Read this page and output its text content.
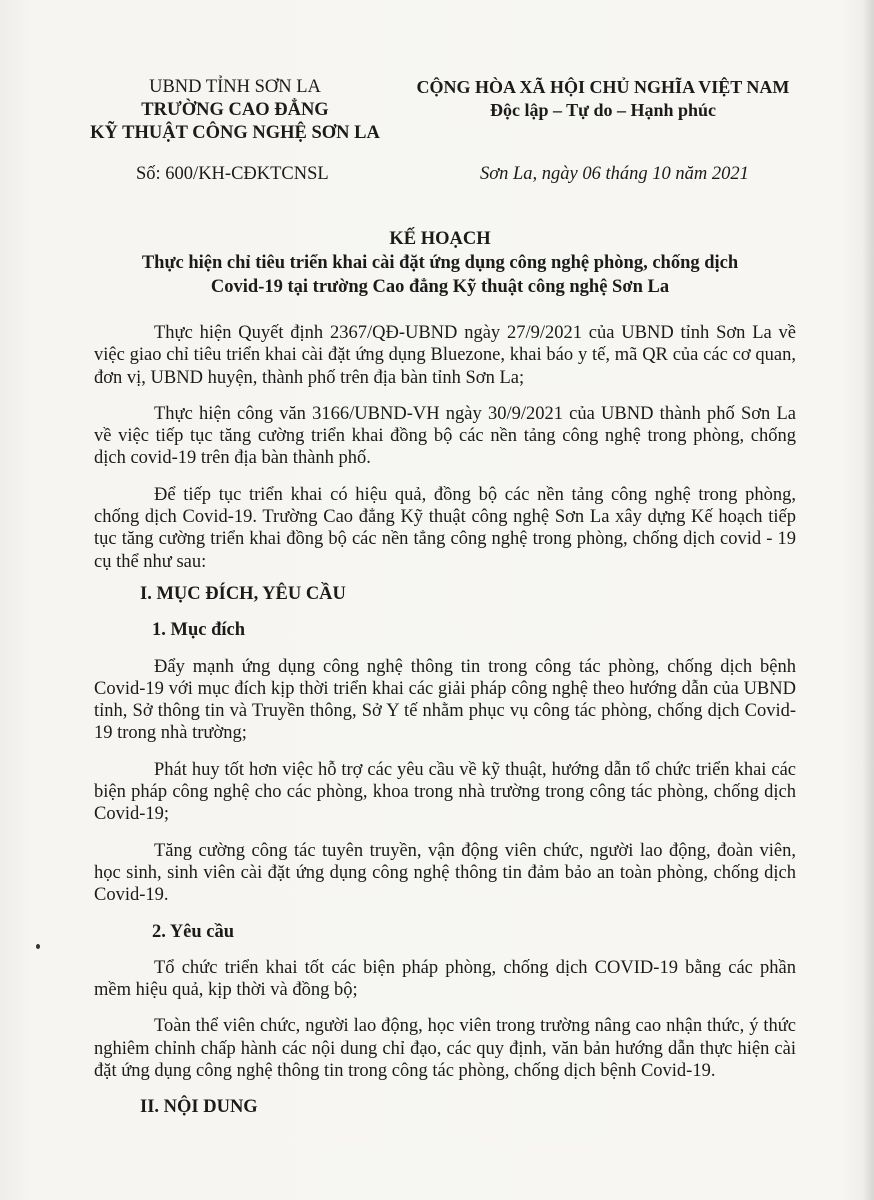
UBND TỈNH SƠN LA
TRƯỜNG CAO ĐẲNG
KỸ THUẬT CÔNG NGHỆ SƠN LA
CỘNG HÒA XÃ HỘI CHỦ NGHĨA VIỆT NAM
Độc lập – Tự do – Hạnh phúc
Số: 600/KH-CĐKTCNSL	Sơn La, ngày 06 tháng 10 năm 2021
KẾ HOẠCH
Thực hiện chỉ tiêu triển khai cài đặt ứng dụng công nghệ phòng, chống dịch
Covid-19 tại trường Cao đẳng Kỹ thuật công nghệ Sơn La

Thực hiện Quyết định 2367/QĐ-UBND ngày 27/9/2021 của UBND tỉnh Sơn La về việc giao chỉ tiêu triển khai cài đặt ứng dụng Bluezone, khai báo y tế, mã QR của các cơ quan, đơn vị, UBND huyện, thành phố trên địa bàn tỉnh Sơn La;

Thực hiện công văn 3166/UBND-VH ngày 30/9/2021 của UBND thành phố Sơn La về việc tiếp tục tăng cường triển khai đồng bộ các nền tảng công nghệ trong phòng, chống dịch covid-19 trên địa bàn thành phố.

Để tiếp tục triển khai có hiệu quả, đồng bộ các nền tảng công nghệ trong phòng, chống dịch Covid-19. Trường Cao đẳng Kỹ thuật công nghệ Sơn La xây dựng Kế hoạch tiếp tục tăng cường triển khai đồng bộ các nền tẳng công nghệ trong phòng, chống dịch covid - 19 cụ thể như sau:

I. MỤC ĐÍCH, YÊU CẦU
1. Mục đích

Đẩy mạnh ứng dụng công nghệ thông tin trong công tác phòng, chống dịch bệnh Covid-19 với mục đích kịp thời triển khai các giải pháp công nghệ theo hướng dẫn của UBND tỉnh, Sở thông tin và Truyền thông, Sở Y tế nhằm phục vụ công tác phòng, chống dịch Covid-19 trong nhà trường;

Phát huy tốt hơn việc hỗ trợ các yêu cầu về kỹ thuật, hướng dẫn tổ chức triển khai các biện pháp công nghệ cho các phòng, khoa trong nhà trường trong công tác phòng, chống dịch Covid-19;

Tăng cường công tác tuyên truyền, vận động viên chức, người lao động, đoàn viên, học sinh, sinh viên cài đặt ứng dụng công nghệ thông tin đảm bảo an toàn phòng, chống dịch Covid-19.

2. Yêu cầu

Tổ chức triển khai tốt các biện pháp phòng, chống dịch COVID-19 bằng các phần mềm hiệu quả, kịp thời và đồng bộ;

Toàn thể viên chức, người lao động, học viên trong trường nâng cao nhận thức, ý thức nghiêm chỉnh chấp hành các nội dung chỉ đạo, các quy định, văn bản hướng dẫn thực hiện cài đặt ứng dụng công nghệ thông tin trong công tác phòng, chống dịch bệnh Covid-19.

II. NỘI DUNG
